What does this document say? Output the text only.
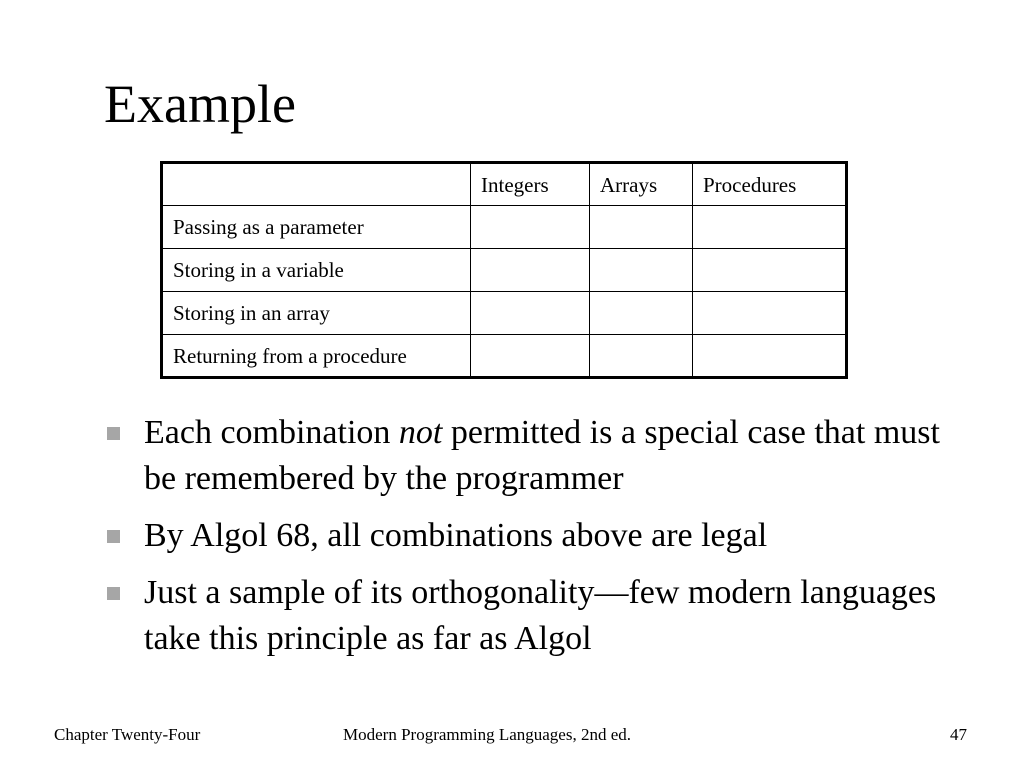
Example
	Integers	Arrays	Procedures
Passing as a parameter			
Storing in a variable			
Storing in an array			
Returning from a procedure			
Each combination not permitted is a special case that must be remembered by the programmer
By Algol 68, all combinations above are legal
Just a sample of its orthogonality—few modern languages take this principle as far as Algol
Chapter Twenty-Four	Modern Programming Languages, 2nd ed.	47
